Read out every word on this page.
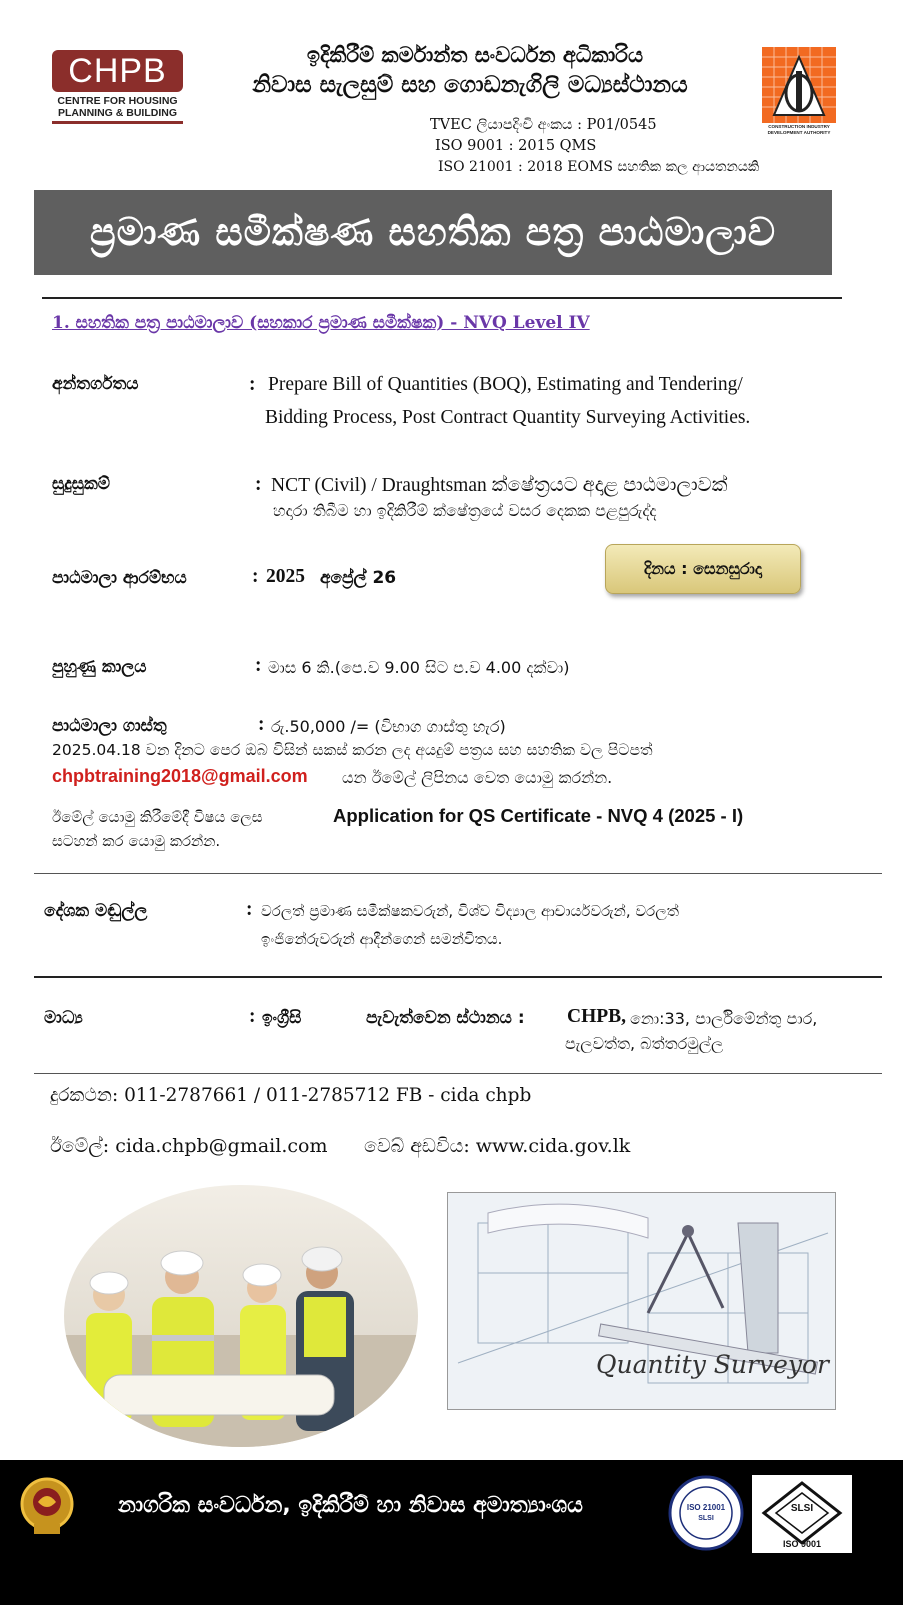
CHPB
CENTRE FOR HOUSING
PLANNING & BUILDING
ඉදිකිරීම් කර්මාන්ත සංවර්ධන අධිකාරිය
නිවාස සැලසුම් සහ ගොඩනැගිලි මධ්‍යස්ථානය
TVEC ලියාපදිංචි අංකය : P01/0545
ISO 9001 : 2015 QMS
ISO 21001 : 2018 EOMS සහතික කල ආයතනයකි
CONSTRUCTION INDUSTRY DEVELOPMENT AUTHORITY
ප්‍රමාණ සමීක්ෂණ සහතික පත්‍ර පාඨමාලාව
1. සහතික පත්‍ර පාඨමාලාව (සහකාර ප්‍රමාණ සමීක්ෂක) - NVQ Level IV
අන්තර්ගතය	: Prepare Bill of Quantities (BOQ), Estimating and Tendering/
Bidding Process, Post Contract Quantity Surveying Activities.
සුදුසුකම්	: NCT (Civil) / Draughtsman ක්ෂේත්‍රයට අදාළ පාඨමාලාවක්
හදාරා තිබීම හා ඉදිකිරීම් ක්ෂේත්‍රයේ වසර දෙකක පළපුරුද්ද
පාඨමාලා ආරම්භය	: 2025 අප්‍රේල් 26	දිනය : සෙනසුරාදා
පුහුණු කාලය	: මාස 6 කි.(පෙ.ව 9.00 සිට ප.ව 4.00 දක්වා)
පාඨමාලා ගාස්තු	: රු.50,000 /= (විභාග ගාස්තු හැර)
2025.04.18 වන දිනට පෙර ඔබ විසින් සකස් කරන ලද අයදුම් පත්‍රය සහ සහතික වල පිටපත්
chpbtraining2018@gmail.com යන ඊමේල් ලිපිනය වෙත යොමු කරන්න.
ඊමේල් යොමු කිරීමේදී විෂය ලෙස	Application for QS Certificate - NVQ 4 (2025 - I)
සටහන් කර යොමු කරන්න.
දේශක මඬුල්ල	: වරලත් ප්‍රමාණ සමීක්ෂකවරුන්, විශ්ව විද්‍යාල ආචාර්යවරුන්, වරලත්
ඉංජිනේරුවරුන් ආදීන්ගෙන් සමන්විතය.
මාධ්‍ය	: ඉංග්‍රීසි	පැවැත්වෙන ස්ථානය : CHPB, නො:33, පාර්ලිමේන්තු පාර,
පැලවත්ත, බත්තරමුල්ල
දුරකථන: 011-2787661 / 011-2785712 FB - cida chpb
ඊමේල්: cida.chpb@gmail.com වෙබ් අඩවිය: www.cida.gov.lk
Quantity Surveyor
නාගරික සංවර්ධන, ඉදිකිරීම් හා නිවාස අමාත්‍යාංශය	ISO 21001
SLSI
SLSI
ISO 9001
